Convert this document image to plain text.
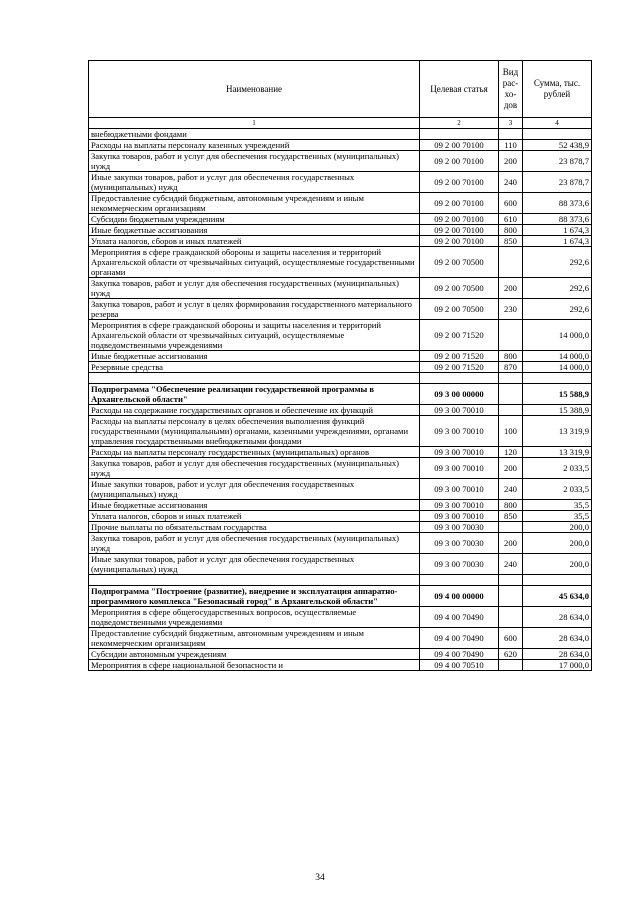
Наименование	Целевая статья	Вид рас-хо-дов	Сумма, тыс. рублей
1	2	3	4
внебюджетными фондами			
Расходы на выплаты персоналу казенных учреждений	09 2 00 70100	110	52 438,9
Закупка товаров, работ и услуг для обеспечения государственных (муниципальных) нужд	09 2 00 70100	200	23 878,7
Иные закупки товаров, работ и услуг для обеспечения государственных (муниципальных) нужд	09 2 00 70100	240	23 878,7
Предоставление субсидий бюджетным, автономным учреждениям и иным некоммерческим организациям	09 2 00 70100	600	88 373,6
Субсидии бюджетным учреждениям	09 2 00 70100	610	88 373,6
Иные бюджетные ассигнования	09 2 00 70100	800	1 674,3
Уплата налогов, сборов и иных платежей	09 2 00 70100	850	1 674,3
Мероприятия в сфере гражданской обороны и защиты населения и территорий Архангельской области от чрезвычайных ситуаций, осуществляемые государственными органами	09 2 00 70500		292,6
Закупка товаров, работ и услуг для обеспечения государственных (муниципальных) нужд	09 2 00 70500	200	292,6
Закупка товаров, работ и услуг в целях формирования государственного материального резерва	09 2 00 70500	230	292,6
Мероприятия в сфере гражданской обороны и защиты населения и территорий Архангельской области от чрезвычайных ситуаций, осуществляемые подведомственными учреждениями	09 2 00 71520		14 000,0
Иные бюджетные ассигнования	09 2 00 71520	800	14 000,0
Резервные средства	09 2 00 71520	870	14 000,0

Подпрограмма "Обеспечение реализации государственной программы в Архангельской области"	09 3 00 00000		15 588,9
Расходы на содержание государственных органов и обеспечение их функций	09 3 00 70010		15 388,9
Расходы на выплаты персоналу в целях обеспечения выполнения функций государственными (муниципальными) органами, казенными учреждениями, органами управления государственными внебюджетными фондами	09 3 00 70010	100	13 319,9
Расходы на выплаты персоналу государственных (муниципальных) органов	09 3 00 70010	120	13 319,9
Закупка товаров, работ и услуг для обеспечения государственных (муниципальных) нужд	09 3 00 70010	200	2 033,5
Иные закупки товаров, работ и услуг для обеспечения государственных (муниципальных) нужд	09 3 00 70010	240	2 033,5
Иные бюджетные ассигнования	09 3 00 70010	800	35,5
Уплата налогов, сборов и иных платежей	09 3 00 70010	850	35,5
Прочие выплаты по обязательствам государства	09 3 00 70030		200,0
Закупка товаров, работ и услуг для обеспечения государственных (муниципальных) нужд	09 3 00 70030	200	200,0
Иные закупки товаров, работ и услуг для обеспечения государственных (муниципальных) нужд	09 3 00 70030	240	200,0

Подпрограмма "Построение (развитие), внедрение и эксплуатация аппаратно-программного комплекса "Безопасный город" в Архангельской области"	09 4 00 00000		45 634,0
Мероприятия в сфере общегосударственных вопросов, осуществляемые подведомственными учреждениями	09 4 00 70490		28 634,0
Предоставление субсидий бюджетным, автономным учреждениям и иным некоммерческим организациям	09 4 00 70490	600	28 634,0
Субсидии автономным учреждениям	09 4 00 70490	620	28 634,0
Мероприятия в сфере национальной безопасности и	09 4 00 70510		17 000,0
34
